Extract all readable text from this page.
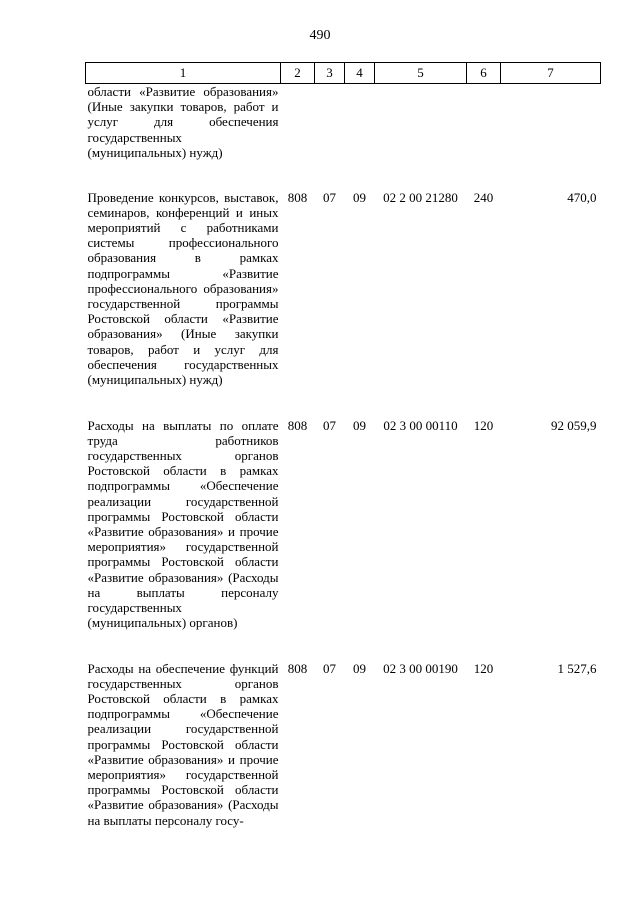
490
1	2	3	4	5	6	7
области «Развитие образования» (Иные закупки товаров, работ и услуг для обеспечения государственных (муниципальных) нужд)						
Проведение конкурсов, выставок, семинаров, конференций и иных мероприятий с работниками системы профессионального образования в рамках подпрограммы «Развитие профессионального образования» государственной программы Ростовской области «Развитие образования» (Иные закупки товаров, работ и услуг для обеспечения государственных (муниципальных) нужд)	808	07	09	02 2 00 21280	240	470,0
Расходы на выплаты по оплате труда работников государственных органов Ростовской области в рамках подпрограммы «Обеспечение реализации государственной программы Ростовской области «Развитие образования» и прочие мероприятия» государственной программы Ростовской области «Развитие образования» (Расходы на выплаты персоналу государственных (муниципальных) органов)	808	07	09	02 3 00 00110	120	92 059,9
Расходы на обеспечение функций государственных органов Ростовской области в рамках подпрограммы «Обеспечение реализации государственной программы Ростовской области «Развитие образования» и прочие мероприятия» государственной программы Ростовской области «Развитие образования» (Расходы на выплаты персоналу госу-	808	07	09	02 3 00 00190	120	1 527,6
